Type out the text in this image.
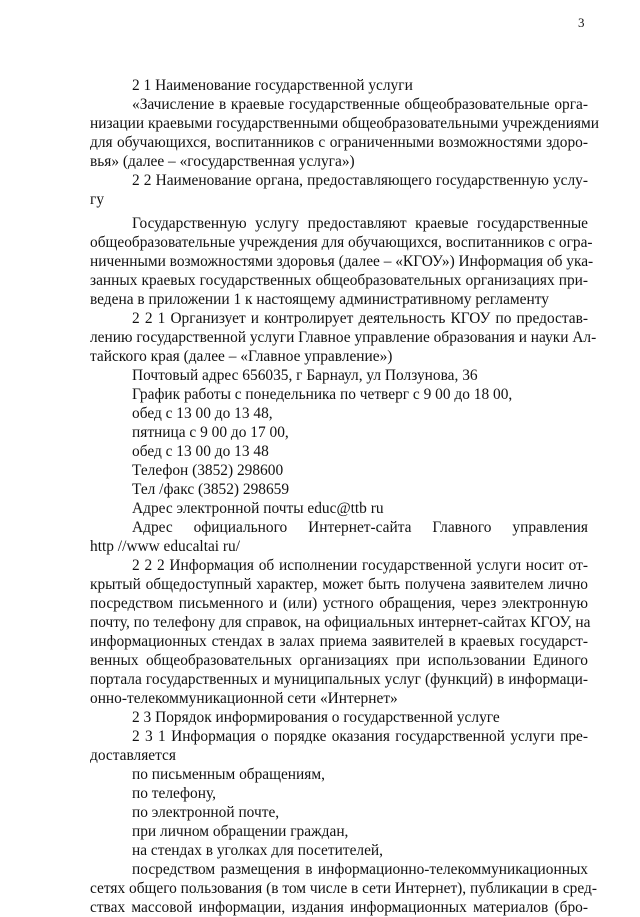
3
2 1 Наименование государственной услуги
«Зачисление в краевые государственные общеобразовательные орга-
низации краевыми государственными общеобразовательными учреждениями
для обучающихся, воспитанников с ограниченными возможностями здоро-
вья» (далее – «государственная услуга»)
2 2 Наименование органа, предоставляющего государственную услу-
гу
Государственную услугу предоставляют краевые государственные
общеобразовательные учреждения для обучающихся, воспитанников с огра-
ниченными возможностями здоровья (далее – «КГОУ») Информация об ука-
занных краевых государственных общеобразовательных организациях при-
ведена в приложении 1 к настоящему административному регламенту
2 2 1 Организует и контролирует деятельность КГОУ по предостав-
лению государственной услуги Главное управление образования и науки Ал-
тайского края (далее – «Главное управление»)
Почтовый адрес 656035, г Барнаул, ул Ползунова, 36
График работы с понедельника по четверг с 9 00 до 18 00,
обед с 13 00 до 13 48,
пятница с 9 00 до 17 00,
обед с 13 00 до 13 48
Телефон (3852) 298600
Тел /факс (3852) 298659
Адрес электронной почты educ@ttb ru
Адрес официального Интернет-сайта Главного управления
http //www educaltai ru/
2 2 2 Информация об исполнении государственной услуги носит от-
крытый общедоступный характер, может быть получена заявителем лично
посредством письменного и (или) устного обращения, через электронную
почту, по телефону для справок, на официальных интернет-сайтах КГОУ, на
информационных стендах в залах приема заявителей в краевых государст-
венных общеобразовательных организациях при использовании Единого
портала государственных и муниципальных услуг (функций) в информаци-
онно-телекоммуникационной сети «Интернет»
2 3 Порядок информирования о государственной услуге
2 3 1 Информация о порядке оказания государственной услуги пре-
доставляется
по письменным обращениям,
по телефону,
по электронной почте,
при личном обращении граждан,
на стендах в уголках для посетителей,
посредством размещения в информационно-телекоммуникационных
сетях общего пользования (в том числе в сети Интернет), публикации в сред-
ствах массовой информации, издания информационных материалов (бро-
